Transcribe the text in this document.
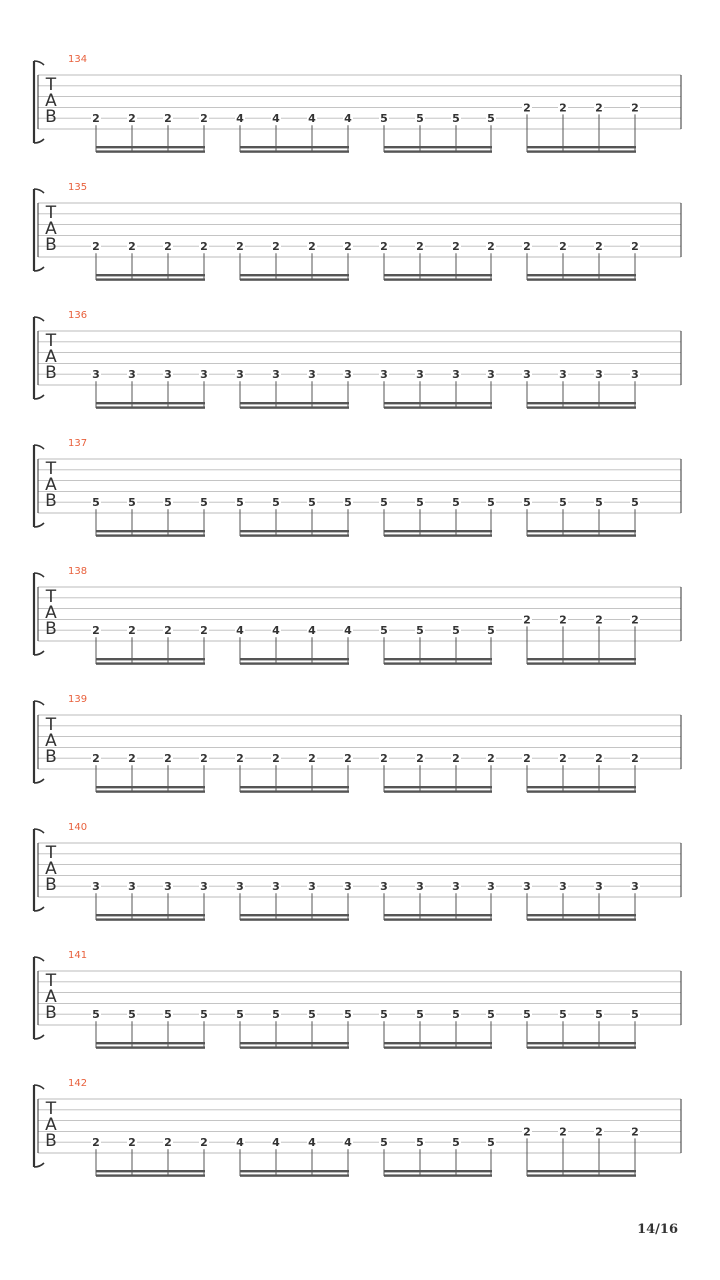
134
T
A
B	2	2	2	2	4	4	4	4	5	5	5 5
2	2	2	2
135
T
A
B	2	2	2	2	2	2	2	2	2	2	2 2	2	2	2	2
136
T
A
B	3	3	3	3	3	3	3	3	3	3	3 3	3	3	3	3
137
T
A
B	5	5	5	5	5	5	5	5	5	5	5 5	5	5	5	5
138
T
A
B	2	2	2	2	4	4	4	4	5	5	5 5
2	2	2	2
139
T
A
B	2	2	2	2	2	2	2	2	2	2	2 2	2	2	2	2
140
T
A
B	3	3	3	3	3	3	3	3	3	3	3 3	3	3	3	3
141
T
A
B	5	5	5	5	5	5	5	5	5	5	5 5	5	5	5	5
142
T
A
B	2	2	2	2	4	4	4	4	5	5	5 5
2	2	2	2
14/16
